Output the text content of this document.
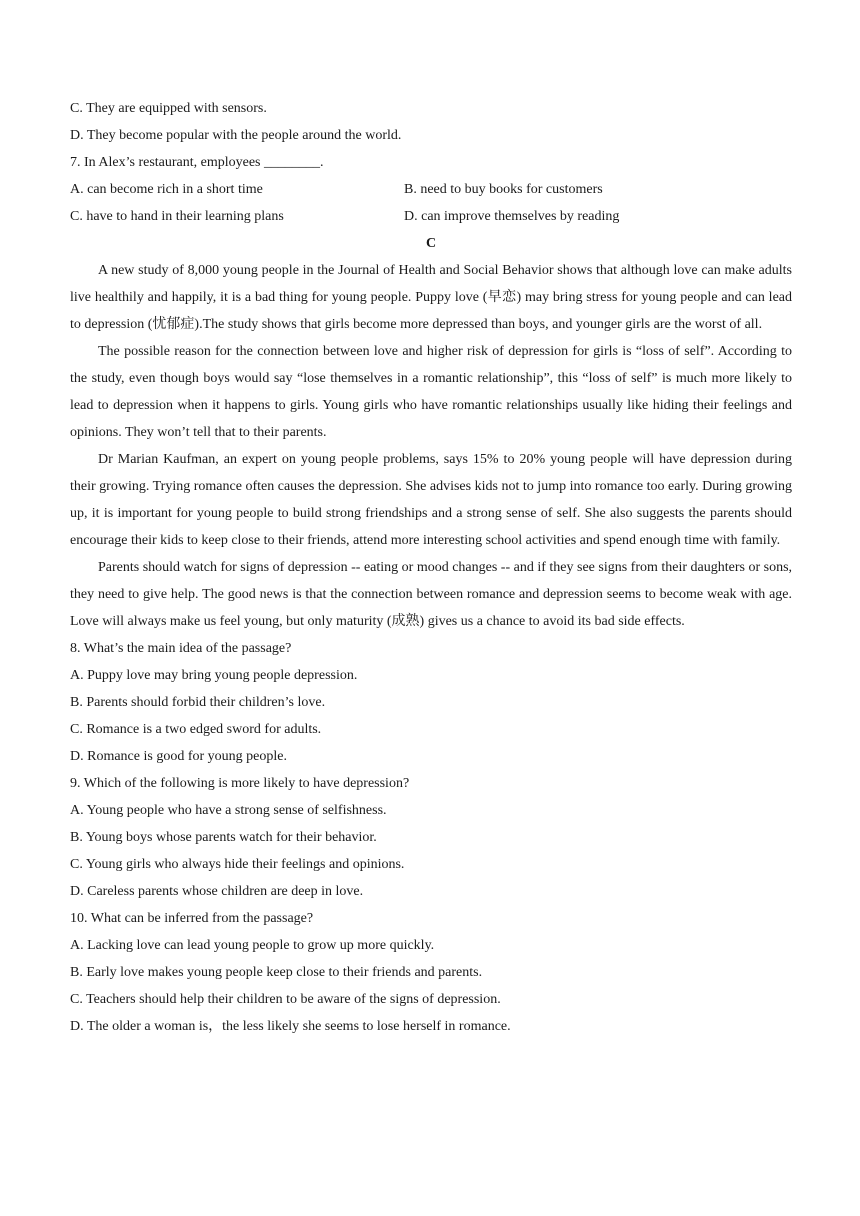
C. They are equipped with sensors.
D. They become popular with the people around the world.
7. In Alex’s restaurant, employees ________.
A. can become rich in a short time	B. need to buy books for customers
C. have to hand in their learning plans	D. can improve themselves by reading
C

A new study of 8,000 young people in the Journal of Health and Social Behavior shows that although love can make adults live healthily and happily, it is a bad thing for young people. Puppy love (早恋) may bring stress for young people and can lead to depression (忧郁症).The study shows that girls become more depressed than boys, and younger girls are the worst of all.

The possible reason for the connection between love and higher risk of depression for girls is “loss of self”. According to the study, even though boys would say “lose themselves in a romantic relationship”, this “loss of self” is much more likely to lead to depression when it happens to girls. Young girls who have romantic relationships usually like hiding their feelings and opinions. They won’t tell that to their parents.

Dr Marian Kaufman, an expert on young people problems, says 15% to 20% young people will have depression during their growing. Trying romance often causes the depression. She advises kids not to jump into romance too early. During growing up, it is important for young people to build strong friendships and a strong sense of self. She also suggests the parents should encourage their kids to keep close to their friends, attend more interesting school activities and spend enough time with family.

Parents should watch for signs of depression -- eating or mood changes -- and if they see signs from their daughters or sons, they need to give help. The good news is that the connection between romance and depression seems to become weak with age. Love will always make us feel young, but only maturity (成熟) gives us a chance to avoid its bad side effects.

8. What’s the main idea of the passage?
A. Puppy love may bring young people depression.
B. Parents should forbid their children’s love.
C. Romance is a two edged sword for adults.
D. Romance is good for young people.
9. Which of the following is more likely to have depression?
A. Young people who have a strong sense of selfishness.
B. Young boys whose parents watch for their behavior.
C. Young girls who always hide their feelings and opinions.
D. Careless parents whose children are deep in love.
10. What can be inferred from the passage?
A. Lacking love can lead young people to grow up more quickly.
B. Early love makes young people keep close to their friends and parents.
C. Teachers should help their children to be aware of the signs of depression.
D. The older a woman is，the less likely she seems to lose herself in romance.
